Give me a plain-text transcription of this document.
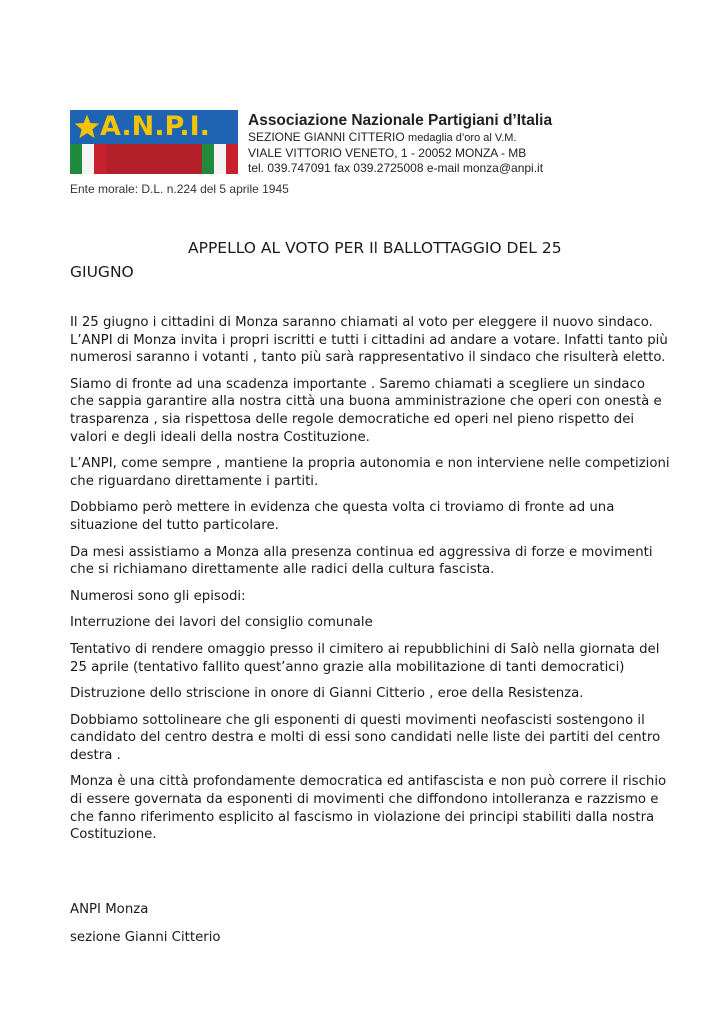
A.N.P.I. Associazione Nazionale Partigiani d’Italia
SEZIONE GIANNI CITTERIO medaglia d’oro al V.M.
VIALE VITTORIO VENETO, 1 - 20052 MONZA - MB
tel. 039.747091 fax 039.2725008 e-mail monza@anpi.it
Ente morale: D.L. n.224 del 5 aprile 1945
APPELLO AL VOTO PER Il BALLOTTAGGIO DEL 25 GIUGNO

Il 25 giugno i cittadini di Monza saranno chiamati al voto per eleggere il nuovo sindaco. L’ANPI di Monza invita i propri iscritti e tutti i cittadini ad andare a votare. Infatti tanto più numerosi saranno i votanti , tanto più sarà rappresentativo il sindaco che risulterà eletto.

Siamo di fronte ad una scadenza importante . Saremo chiamati a scegliere un sindaco che sappia garantire alla nostra città una buona amministrazione che operi con onestà e trasparenza , sia rispettosa delle regole democratiche ed operi nel pieno rispetto dei valori e degli ideali della nostra Costituzione.

L’ANPI, come sempre , mantiene la propria autonomia e non interviene nelle competizioni che riguardano direttamente i partiti.

Dobbiamo però mettere in evidenza che questa volta ci troviamo di fronte ad una situazione del tutto particolare.

Da mesi assistiamo a Monza alla presenza continua ed aggressiva di forze e movimenti che si richiamano direttamente alle radici della cultura fascista.

Numerosi sono gli episodi:

Interruzione dei lavori del consiglio comunale

Tentativo di rendere omaggio presso il cimitero ai repubblichini di Salò nella giornata del 25 aprile (tentativo fallito quest’anno grazie alla mobilitazione di tanti democratici)

Distruzione dello striscione in onore di Gianni Citterio , eroe della Resistenza.

Dobbiamo sottolineare che gli esponenti di questi movimenti neofascisti sostengono il candidato del centro destra e molti di essi sono candidati nelle liste dei partiti del centro destra .

Monza è una città profondamente democratica ed antifascista e non può correre il rischio di essere governata da esponenti di movimenti che diffondono intolleranza e razzismo e che fanno riferimento esplicito al fascismo in violazione dei principi stabiliti dalla nostra Costituzione.

ANPI Monza
sezione Gianni Citterio
